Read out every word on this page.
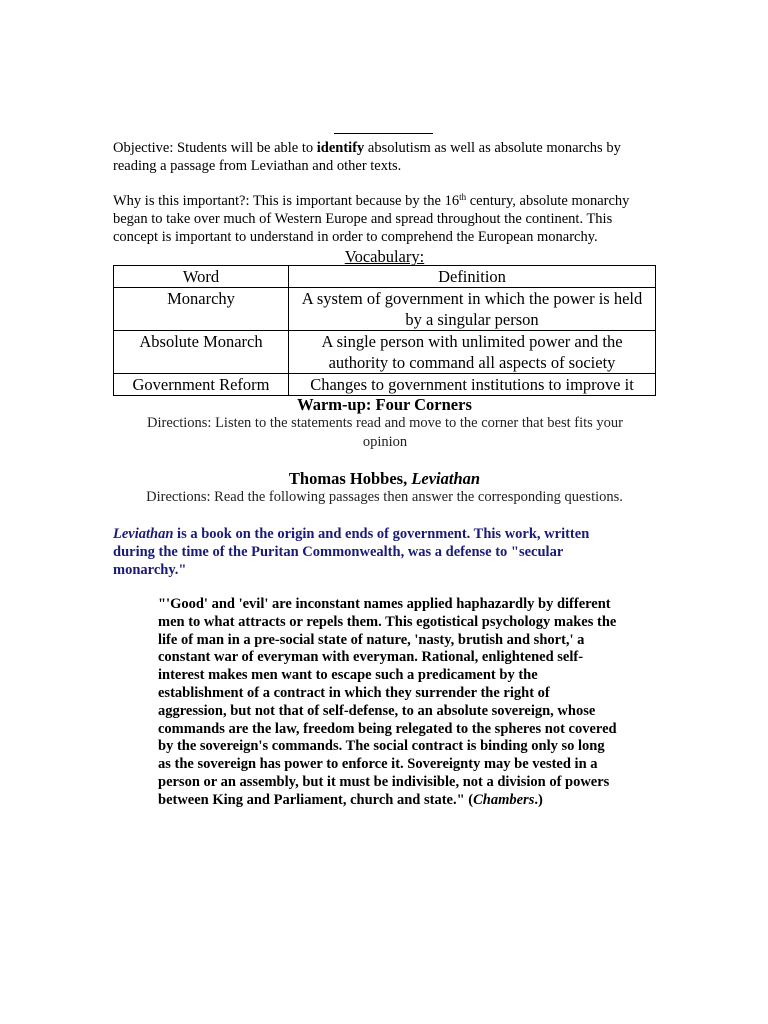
Objective: Students will be able to identify absolutism as well as absolute monarchs by reading a passage from Leviathan and other texts.
Why is this important?: This is important because by the 16th century, absolute monarchy began to take over much of Western Europe and spread throughout the continent. This concept is important to understand in order to comprehend the European monarchy.
Vocabulary:
Word	Definition
Monarchy	A system of government in which the power is held by a singular person
Absolute Monarch	A single person with unlimited power and the authority to command all aspects of society
Government Reform	Changes to government institutions to improve it
Warm-up: Four Corners
Directions: Listen to the statements read and move to the corner that best fits your opinion
Thomas Hobbes, Leviathan
Directions: Read the following passages then answer the corresponding questions.
Leviathan is a book on the origin and ends of government. This work, written during the time of the Puritan Commonwealth, was a defense to "secular monarchy."
"'Good' and 'evil' are inconstant names applied haphazardly by different men to what attracts or repels them. This egotistical psychology makes the life of man in a pre-social state of nature, 'nasty, brutish and short,' a constant war of everyman with everyman. Rational, enlightened self-interest makes men want to escape such a predicament by the establishment of a contract in which they surrender the right of aggression, but not that of self-defense, to an absolute sovereign, whose commands are the law, freedom being relegated to the spheres not covered by the sovereign's commands. The social contract is binding only so long as the sovereign has power to enforce it. Sovereignty may be vested in a person or an assembly, but it must be indivisible, not a division of powers between King and Parliament, church and state." (Chambers.)
